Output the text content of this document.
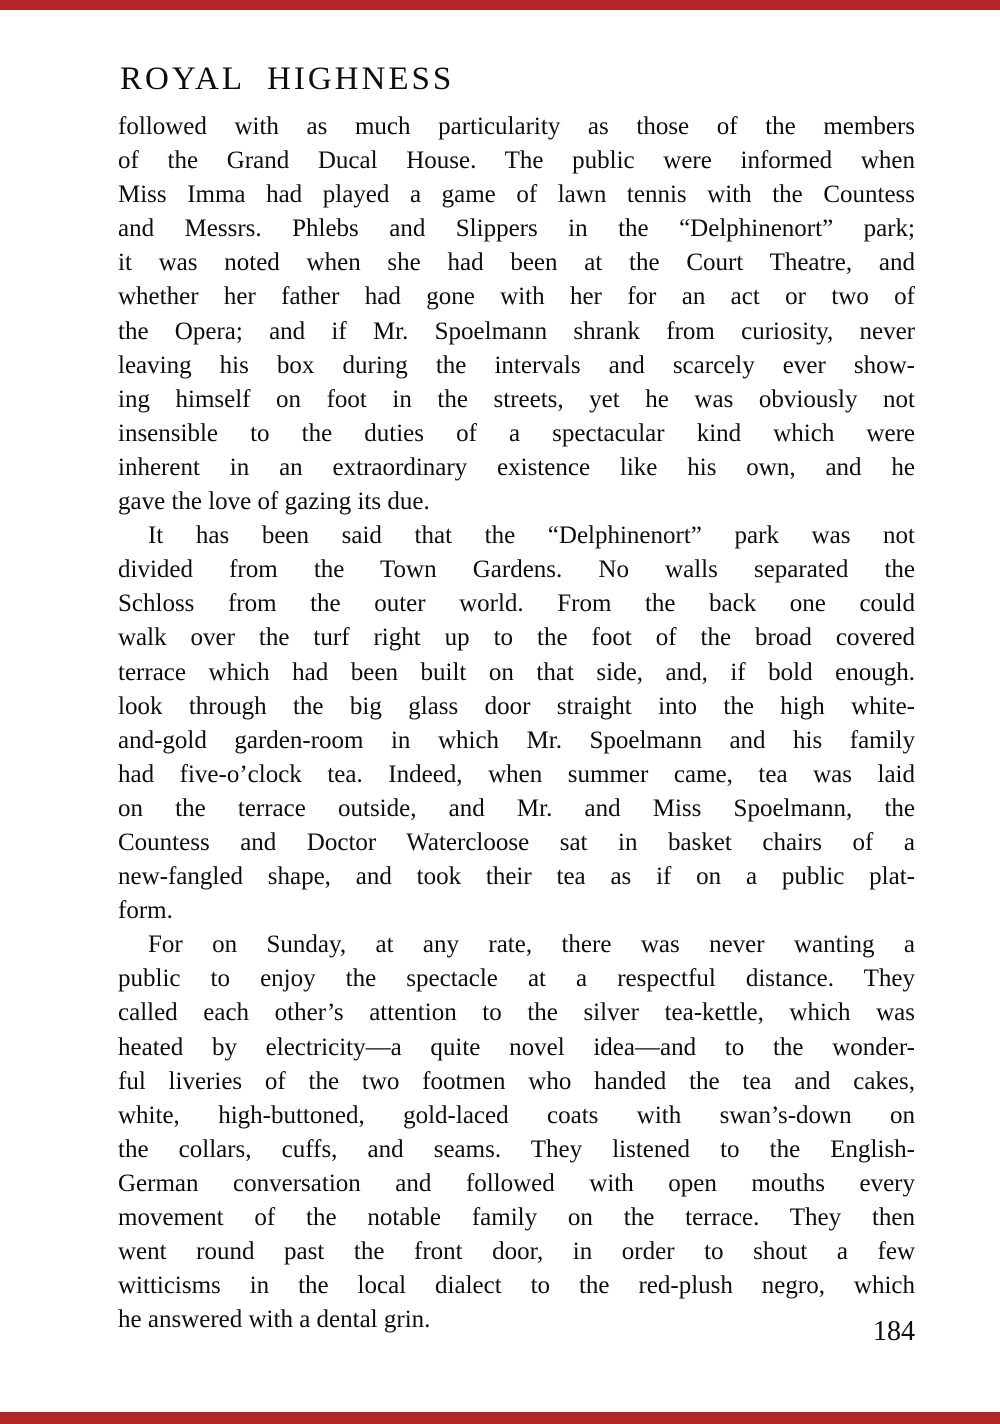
ROYAL HIGHNESS
followed with as much particularity as those of the members
of the Grand Ducal House. The public were informed when
Miss Imma had played a game of lawn tennis with the Countess
and Messrs. Phlebs and Slippers in the “Delphinenort” park;
it was noted when she had been at the Court Theatre, and
whether her father had gone with her for an act or two of
the Opera; and if Mr. Spoelmann shrank from curiosity, never
leaving his box during the intervals and scarcely ever show-
ing himself on foot in the streets, yet he was obviously not
insensible to the duties of a spectacular kind which were
inherent in an extraordinary existence like his own, and he
gave the love of gazing its due.
It has been said that the “Delphinenort” park was not
divided from the Town Gardens. No walls separated the
Schloss from the outer world. From the back one could
walk over the turf right up to the foot of the broad covered
terrace which had been built on that side, and, if bold enough.
look through the big glass door straight into the high white-
and-gold garden-room in which Mr. Spoelmann and his family
had five-o’clock tea. Indeed, when summer came, tea was laid
on the terrace outside, and Mr. and Miss Spoelmann, the
Countess and Doctor Watercloose sat in basket chairs of a
new-fangled shape, and took their tea as if on a public plat-
form.
For on Sunday, at any rate, there was never wanting a
public to enjoy the spectacle at a respectful distance. They
called each other’s attention to the silver tea-kettle, which was
heated by electricity—a quite novel idea—and to the wonder-
ful liveries of the two footmen who handed the tea and cakes,
white, high-buttoned, gold-laced coats with swan’s-down on
the collars, cuffs, and seams. They listened to the English-
German conversation and followed with open mouths every
movement of the notable family on the terrace. They then
went round past the front door, in order to shout a few
witticisms in the local dialect to the red-plush negro, which
he answered with a dental grin.	184
